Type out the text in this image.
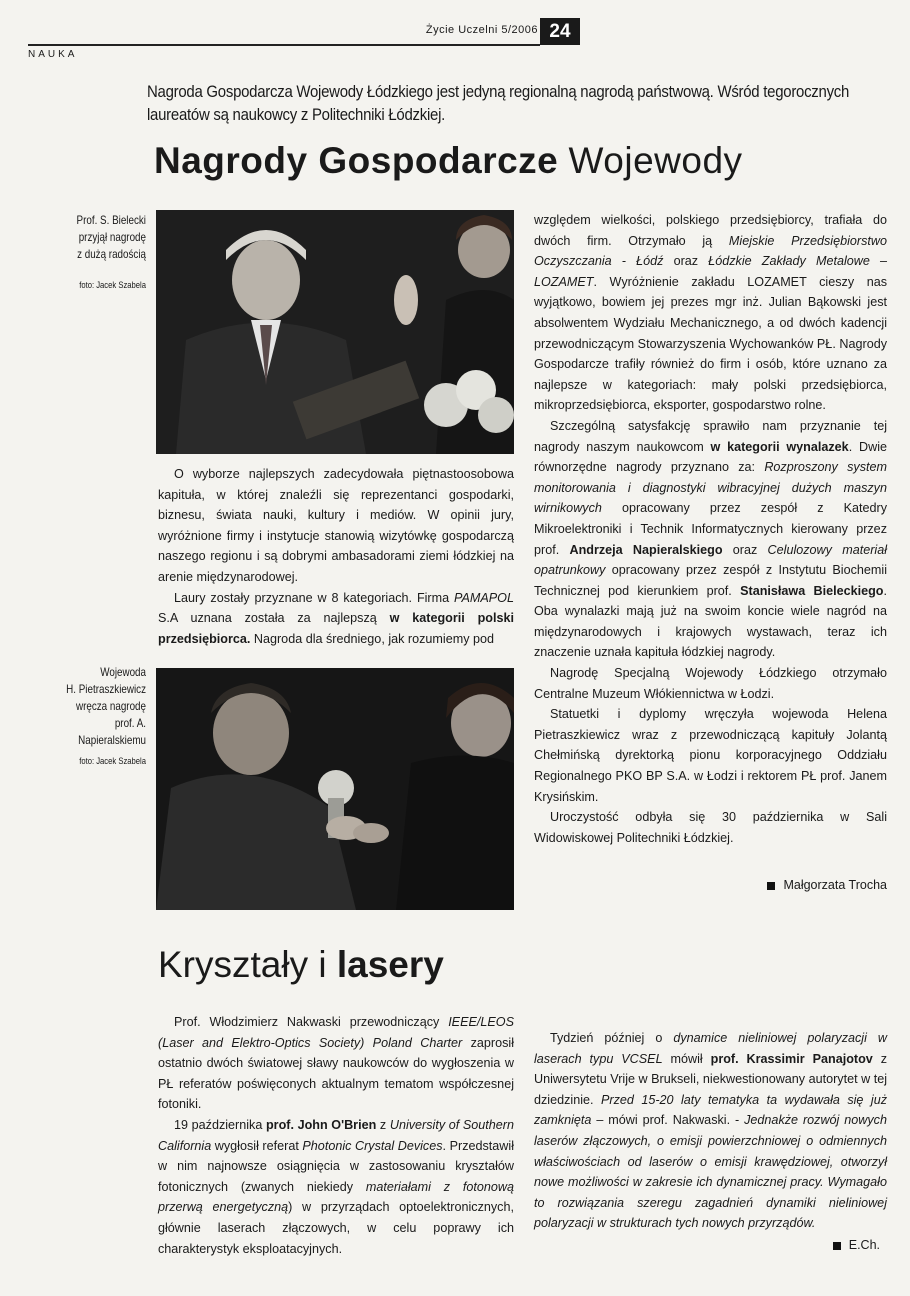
Życie Uczelni 5/2006 24
NAUKA
Nagroda Gospodarcza Wojewody Łódzkiego jest jedyną regionalną nagrodą państwową. Wśród tegorocznych laureatów są naukowcy z Politechniki Łódzkiej.
Nagrody Gospodarcze Wojewody
Prof. S. Bielecki
przyjął nagrodę
z dużą radością
foto: Jacek Szabela

O wyborze najlepszych zadecydowała piętnastoosobowa kapituła, w której znaleźli się reprezentanci gospodarki, biznesu, świata nauki, kultury i mediów. W opinii jury, wyróżnione firmy i instytucje stanowią wizytówkę gospodarczą naszego regionu i są dobrymi ambasadorami ziemi łódzkiej na arenie międzynarodowej.

Laury zostały przyznane w 8 kategoriach. Firma PAMAPOL S.A uznana została za najlepszą w kategorii polski przedsiębiorca. Nagroda dla średniego, jak rozumiemy pod

względem wielkości, polskiego przedsiębiorcy, trafiała do dwóch firm. Otrzymało ją Miejskie Przedsiębiorstwo Oczyszczania - Łódź oraz Łódzkie Zakłady Metalowe – LOZAMET. Wyróżnienie zakładu LOZAMET cieszy nas wyjątkowo, bowiem jej prezes mgr inż. Julian Bąkowski jest absolwentem Wydziału Mechanicznego, a od dwóch kadencji przewodniczącym Stowarzyszenia Wychowanków PŁ. Nagrody Gospodarcze trafiły również do firm i osób, które uznano za najlepsze w kategoriach: mały polski przedsiębiorca, mikroprzedsiębiorca, eksporter, gospodarstwo rolne.

Szczególną satysfakcję sprawiło nam przyznanie tej nagrody naszym naukowcom w kategorii wynalazek. Dwie równorzędne nagrody przyznano za: Rozproszony system monitorowania i diagnostyki wibracyjnej dużych maszyn wirnikowych opracowany przez zespół z Katedry Mikroelektroniki i Technik Informatycznych kierowany przez prof. Andrzeja Napieralskiego oraz Celulozowy materiał opatrunkowy opracowany przez zespół z Instytutu Biochemii Technicznej pod kierunkiem prof. Stanisława Bieleckiego. Oba wynalazki mają już na swoim koncie wiele nagród na międzynarodowych i krajowych wystawach, teraz ich znaczenie uznała kapituła łódzkiej nagrody.

Nagrodę Specjalną Wojewody Łódzkiego otrzymało Centralne Muzeum Włókiennictwa w Łodzi.

Statuetki i dyplomy wręczyła wojewoda Helena Pietraszkiewicz wraz z przewodniczącą kapituły Jolantą Chełmińską dyrektorką pionu korporacyjnego Oddziału Regionalnego PKO BP S.A. w Łodzi i rektorem PŁ prof. Janem Krysińskim.

Uroczystość odbyła się 30 października w Sali Widowiskowej Politechniki Łódzkiej.

Małgorzata Trocha
Wojewoda
H. Pietraszkiewicz
wręcza nagrodę
prof. A.
Napieralskiemu
foto: Jacek Szabela
Kryształy i lasery

Prof. Włodzimierz Nakwaski przewodniczący IEEE/LEOS (Laser and Elektro-Optics Society) Poland Charter zaprosił ostatnio dwóch światowej sławy naukowców do wygłoszenia w PŁ referatów poświęconych aktualnym tematom współczesnej fotoniki.

19 października prof. John O'Brien z University of Southern California wygłosił referat Photonic Crystal Devices. Przedstawił w nim najnowsze osiągnięcia w zastosowaniu kryształów fotonicznych (zwanych niekiedy materiałami z fotonową przerwą energetyczną) w przyrządach optoelektronicznych, głównie laserach złączowych, w celu poprawy ich charakterystyk eksploatacyjnych.

Tydzień później o dynamice nieliniowej polaryzacji w laserach typu VCSEL mówił prof. Krassimir Panajotov z Uniwersytetu Vrije w Brukseli, niekwestionowany autorytet w tej dziedzinie. Przed 15-20 laty tematyka ta wydawała się już zamknięta – mówi prof. Nakwaski. - Jednakże rozwój nowych laserów złączowych, o emisji powierzchniowej o odmiennych właściwościach od laserów o emisji krawędziowej, otworzył nowe możliwości w zakresie ich dynamicznej pracy. Wymagało to rozwiązania szeregu zagadnień dynamiki nieliniowej polaryzacji w strukturach tych nowych przyrządów.

E.Ch.
